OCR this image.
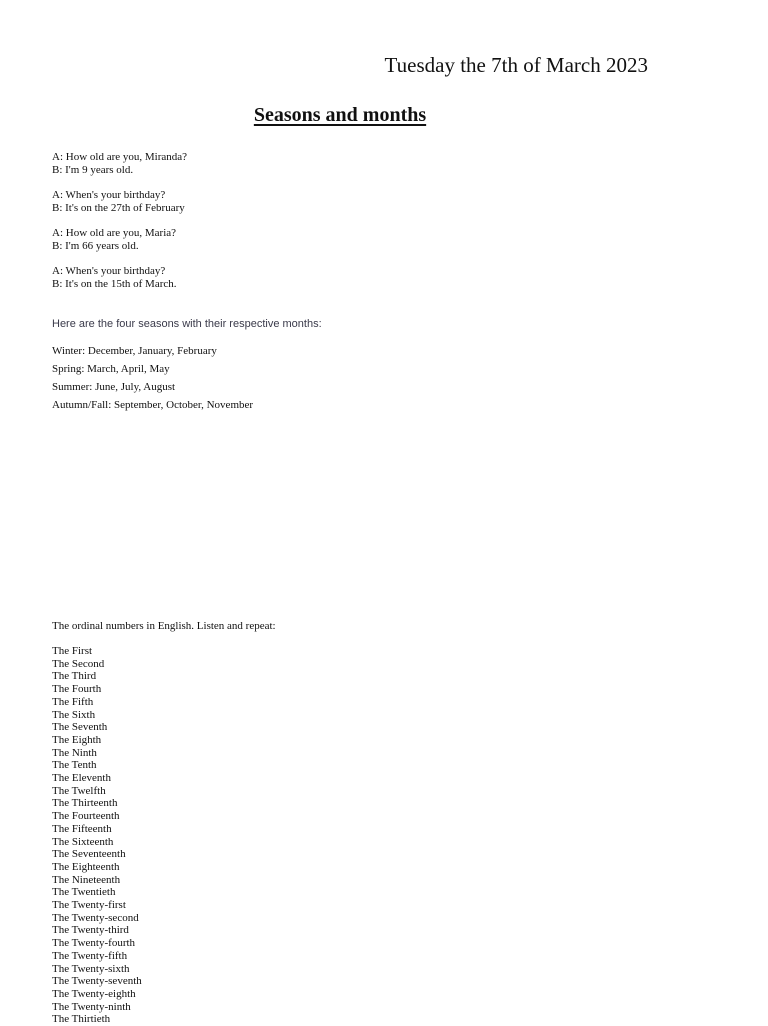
Tuesday the 7th of March 2023
Seasons and months
A: How old are you, Miranda?
B: I'm 9 years old.
A: When's your birthday?
B: It's on the 27th of February
A: How old are you, Maria?
B: I'm 66 years old.
A: When's your birthday?
B: It's on the 15th of March.
Here are the four seasons with their respective months:
Winter: December, January, February
Spring: March, April, May
Summer: June, July, August
Autumn/Fall: September, October, November
The ordinal numbers in English. Listen and repeat:
The First
The Second
The Third
The Fourth
The Fifth
The Sixth
The Seventh
The Eighth
The Ninth
The Tenth
The Eleventh
The Twelfth
The Thirteenth
The Fourteenth
The Fifteenth
The Sixteenth
The Seventeenth
The Eighteenth
The Nineteenth
The Twentieth
The Twenty-first
The Twenty-second
The Twenty-third
The Twenty-fourth
The Twenty-fifth
The Twenty-sixth
The Twenty-seventh
The Twenty-eighth
The Twenty-ninth
The Thirtieth
